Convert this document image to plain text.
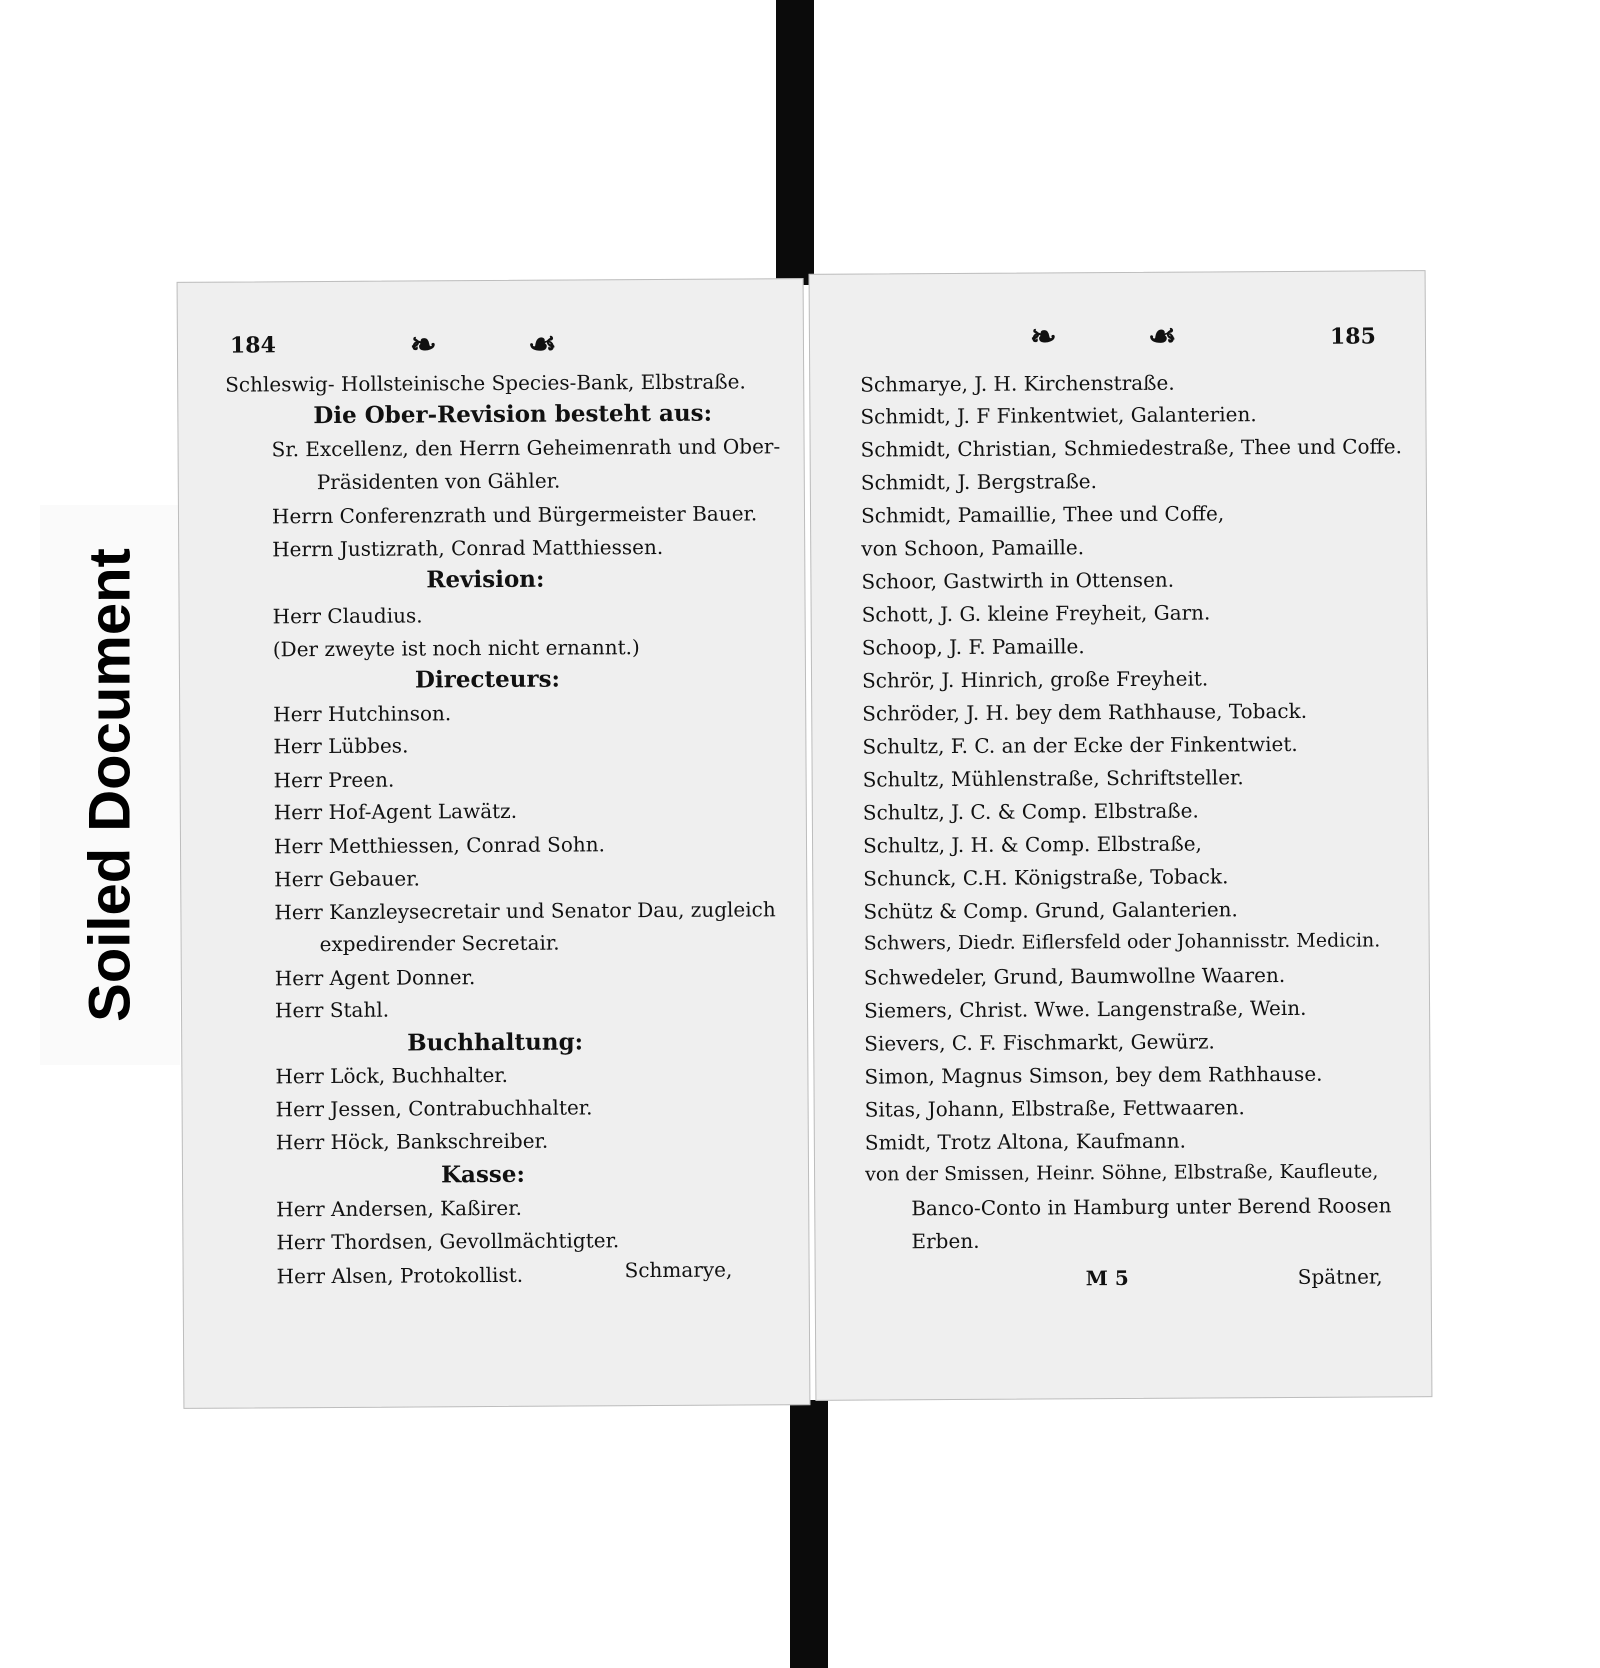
Soiled Document
184	❧ ☙
Schleswig- Hollsteinische Species-Bank, Elbstraße.
Die Ober-Revision besteht aus:
Sr. Excellenz, den Herrn Geheimenrath und Ober-
Präsidenten von Gähler.
Herrn Conferenzrath und Bürgermeister Bauer.
Herrn Justizrath, Conrad Matthiessen.
Revision:
Herr Claudius.
(Der zweyte ist noch nicht ernannt.)
Directeurs:
Herr Hutchinson.
Herr Lübbes.
Herr Preen.
Herr Hof-Agent Lawätz.
Herr Metthiessen, Conrad Sohn.
Herr Gebauer.
Herr Kanzleysecretair und Senator Dau, zugleich
expedirender Secretair.
Herr Agent Donner.
Herr Stahl.
Buchhaltung:
Herr Löck, Buchhalter.
Herr Jessen, Contrabuchhalter.
Herr Höck, Bankschreiber.
Kasse:
Herr Andersen, Kaßirer.
Herr Thordsen, Gevollmächtigter.
Herr Alsen, Protokollist.	Schmarye,
❧ ☙	185
Schmarye, J. H. Kirchenstraße.
Schmidt, J. F Finkentwiet, Galanterien.
Schmidt, Christian, Schmiedestraße, Thee und Coffe.
Schmidt, J. Bergstraße.
Schmidt, Pamaillie, Thee und Coffe,
von Schoon, Pamaille.
Schoor, Gastwirth in Ottensen.
Schott, J. G. kleine Freyheit, Garn.
Schoop, J. F. Pamaille.
Schrör, J. Hinrich, große Freyheit.
Schröder, J. H. bey dem Rathhause, Toback.
Schultz, F. C. an der Ecke der Finkentwiet.
Schultz, Mühlenstraße, Schriftsteller.
Schultz, J. C. & Comp. Elbstraße.
Schultz, J. H. & Comp. Elbstraße,
Schunck, C.H. Königstraße, Toback.
Schütz & Comp. Grund, Galanterien.
Schwers, Diedr. Eiflersfeld oder Johannisstr. Medicin.
Schwedeler, Grund, Baumwollne Waaren.
Siemers, Christ. Wwe. Langenstraße, Wein.
Sievers, C. F. Fischmarkt, Gewürz.
Simon, Magnus Simson, bey dem Rathhause.
Sitas, Johann, Elbstraße, Fettwaaren.
Smidt, Trotz Altona, Kaufmann.
von der Smissen, Heinr. Söhne, Elbstraße, Kaufleute,
Banco-Conto in Hamburg unter Berend Roosen
Erben.
M 5	Spätner,
